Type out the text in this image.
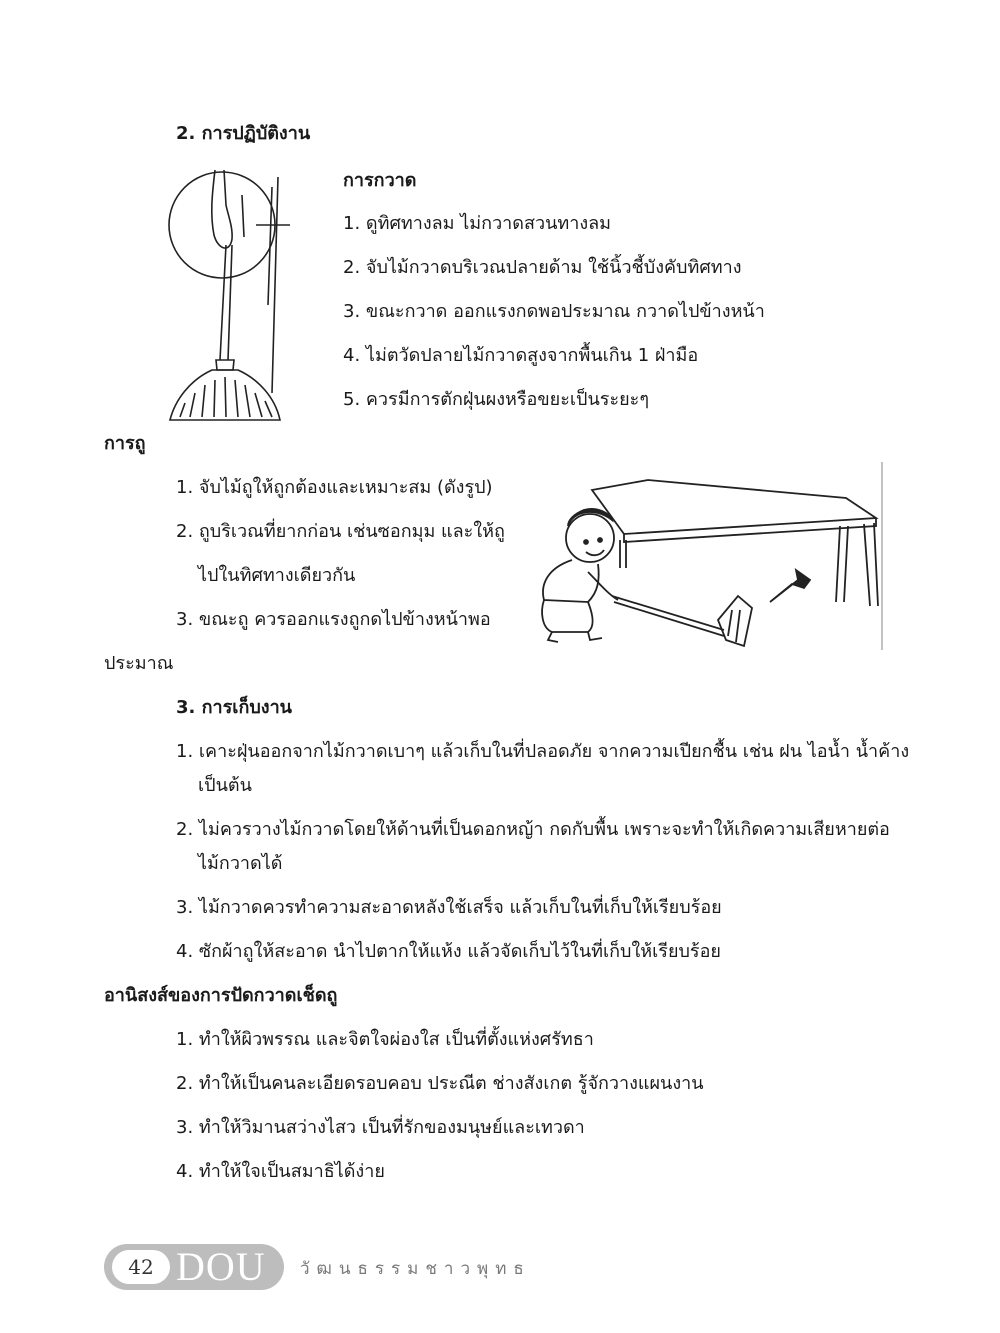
2. การปฏิบัติงาน
การกวาด
1. ดูทิศทางลม ไม่กวาดสวนทางลม
2. จับไม้กวาดบริเวณปลายด้าม ใช้นิ้วชี้บังคับทิศทาง
3. ขณะกวาด ออกแรงกดพอประมาณ กวาดไปข้างหน้า
4. ไม่ตวัดปลายไม้กวาดสูงจากพื้นเกิน 1 ฝ่ามือ
5. ควรมีการตักฝุ่นผงหรือขยะเป็นระยะๆ
การถู
1. จับไม้ถูให้ถูกต้องและเหมาะสม (ดังรูป)
2. ถูบริเวณที่ยากก่อน เช่นซอกมุม และให้ถู
ไปในทิศทางเดียวกัน
3. ขณะถู ควรออกแรงถูกดไปข้างหน้าพอ
ประมาณ
3. การเก็บงาน
1. เคาะฝุ่นออกจากไม้กวาดเบาๆ แล้วเก็บในที่ปลอดภัย จากความเปียกชื้น เช่น ฝน ไอน้ำ น้ำค้าง
เป็นต้น
2. ไม่ควรวางไม้กวาดโดยให้ด้านที่เป็นดอกหญ้า กดกับพื้น เพราะจะทำให้เกิดความเสียหายต่อ
ไม้กวาดได้
3. ไม้กวาดควรทำความสะอาดหลังใช้เสร็จ แล้วเก็บในที่เก็บให้เรียบร้อย
4. ซักผ้าถูให้สะอาด นำไปตากให้แห้ง แล้วจัดเก็บไว้ในที่เก็บให้เรียบร้อย
อานิสงส์ของการปัดกวาดเช็ดถู
1. ทำให้ผิวพรรณ และจิตใจผ่องใส เป็นที่ตั้งแห่งศรัทธา
2. ทำให้เป็นคนละเอียดรอบคอบ ประณีต ช่างสังเกต รู้จักวางแผนงาน
3. ทำให้วิมานสว่างไสว เป็นที่รักของมนุษย์และเทวดา
4. ทำให้ใจเป็นสมาธิได้ง่าย
42 DOU วัฒนธรรมชาวพุทธ
